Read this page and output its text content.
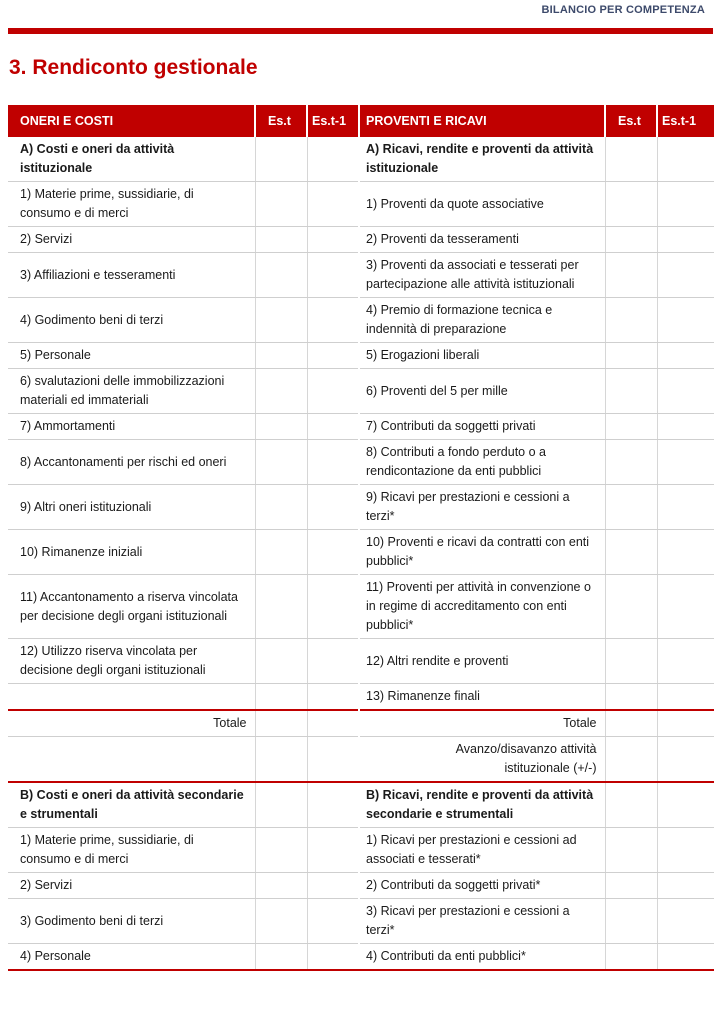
BILANCIO PER COMPETENZA
3. Rendiconto gestionale
ONERI E COSTI	Es.t	Es.t-1	PROVENTI E RICAVI	Es.t	Es.t-1
A) Costi e oneri da attività istituzionale			A) Ricavi, rendite e proventi da attività istituzionale		
1) Materie prime, sussidiarie, di consumo e di merci			1) Proventi da quote associative		
2) Servizi			2) Proventi da tesseramenti		
3) Affiliazioni e tesseramenti			3) Proventi da associati e tesserati per partecipazione alle attività istituzionali		
4) Godimento beni di terzi			4) Premio di formazione tecnica e indennità di preparazione		
5) Personale			5) Erogazioni liberali		
6) svalutazioni delle immobilizzazioni materiali ed immateriali			6) Proventi del 5 per mille		
7) Ammortamenti			7) Contributi da soggetti privati		
8) Accantonamenti per rischi ed oneri			8) Contributi a fondo perduto o a rendicontazione da enti pubblici		
9) Altri oneri istituzionali			9) Ricavi per prestazioni e cessioni a terzi*		
10) Rimanenze iniziali			10) Proventi e ricavi da contratti con enti pubblici*		
11) Accantonamento a riserva vincolata per decisione degli organi istituzionali			11) Proventi per attività in convenzione o in regime di accreditamento con enti pubblici*		
12) Utilizzo riserva vincolata per decisione degli organi istituzionali			12) Altri rendite e proventi		
			13) Rimanenze finali		
Totale			Totale		
			Avanzo/disavanzo attività istituzionale (+/-)		
B) Costi e oneri da attività secondarie e strumentali			B) Ricavi, rendite e proventi da attività secondarie e strumentali		
1) Materie prime, sussidiarie, di consumo e di merci			1) Ricavi per prestazioni e cessioni ad associati e tesserati*		
2) Servizi			2) Contributi da soggetti privati*		
3) Godimento beni di terzi			3) Ricavi per prestazioni e cessioni a terzi*		
4) Personale			4) Contributi da enti pubblici*		
